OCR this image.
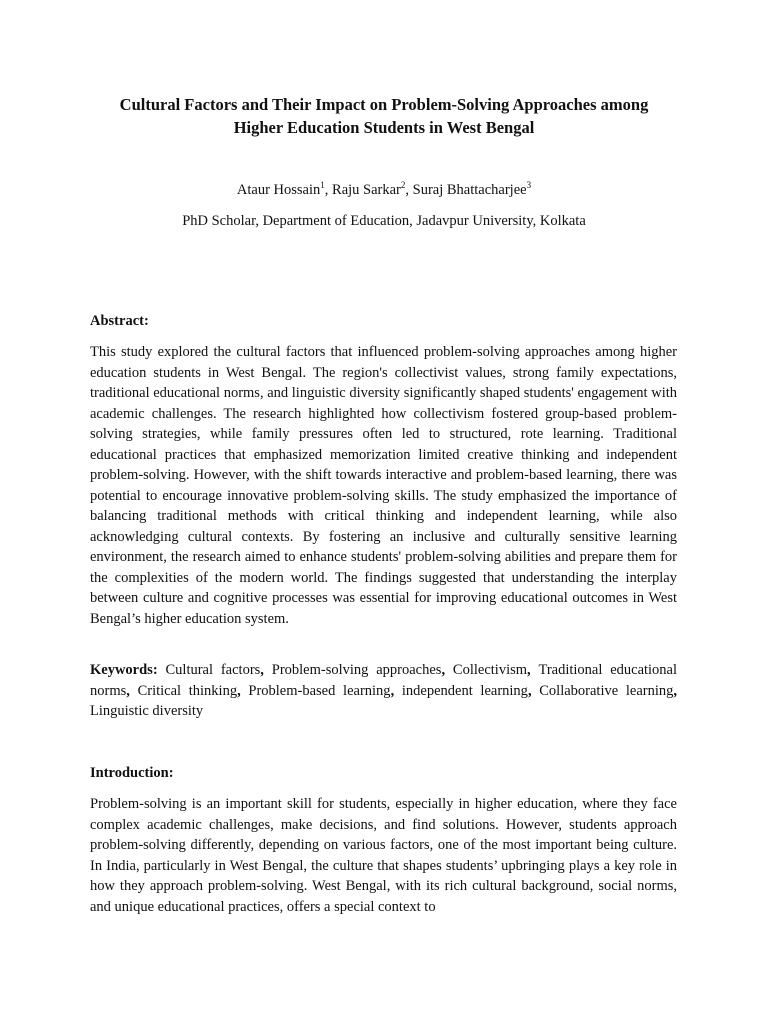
Cultural Factors and Their Impact on Problem-Solving Approaches among
Higher Education Students in West Bengal
Ataur Hossain$^1$, Raju Sarkar$^2$, Suraj Bhattacharjee$^3$
PhD Scholar, Department of Education, Jadavpur University, Kolkata
Abstract:
This study explored the cultural factors that influenced problem-solving approaches among higher education students in West Bengal. The region's collectivist values, strong family expectations, traditional educational norms, and linguistic diversity significantly shaped students' engagement with academic challenges. The research highlighted how collectivism fostered group-based problem-solving strategies, while family pressures often led to structured, rote learning. Traditional educational practices that emphasized memorization limited creative thinking and independent problem-solving. However, with the shift towards interactive and problem-based learning, there was potential to encourage innovative problem-solving skills. The study emphasized the importance of balancing traditional methods with critical thinking and independent learning, while also acknowledging cultural contexts. By fostering an inclusive and culturally sensitive learning environment, the research aimed to enhance students' problem-solving abilities and prepare them for the complexities of the modern world. The findings suggested that understanding the interplay between culture and cognitive processes was essential for improving educational outcomes in West Bengal’s higher education system.
Keywords: Cultural factors, Problem-solving approaches, Collectivism, Traditional educational norms, Critical thinking, Problem-based learning, independent learning, Collaborative learning, Linguistic diversity
Introduction:
Problem-solving is an important skill for students, especially in higher education, where they face complex academic challenges, make decisions, and find solutions. However, students approach problem-solving differently, depending on various factors, one of the most important being culture. In India, particularly in West Bengal, the culture that shapes students’ upbringing plays a key role in how they approach problem-solving. West Bengal, with its rich cultural background, social norms, and unique educational practices, offers a special context to
